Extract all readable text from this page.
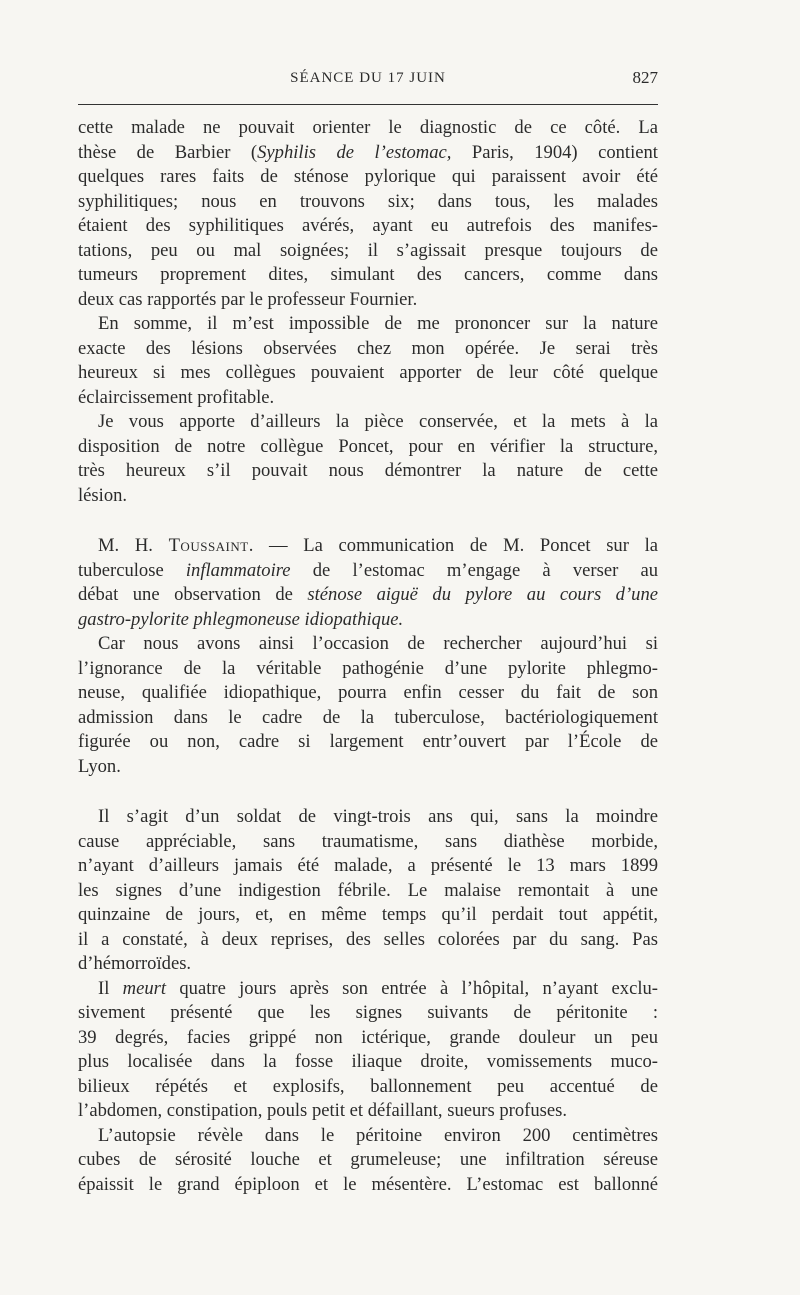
SÉANCE DU 17 JUIN	827
cette malade ne pouvait orienter le diagnostic de ce côté. La
thèse de Barbier (Syphilis de l’estomac, Paris, 1904) contient
quelques rares faits de sténose pylorique qui paraissent avoir été
syphilitiques; nous en trouvons six; dans tous, les malades
étaient des syphilitiques avérés, ayant eu autrefois des manifes-
tations, peu ou mal soignées; il s’agissait presque toujours de
tumeurs proprement dites, simulant des cancers, comme dans
deux cas rapportés par le professeur Fournier.
En somme, il m’est impossible de me prononcer sur la nature
exacte des lésions observées chez mon opérée. Je serai très
heureux si mes collègues pouvaient apporter de leur côté quelque
éclaircissement profitable.
Je vous apporte d’ailleurs la pièce conservée, et la mets à la
disposition de notre collègue Poncet, pour en vérifier la structure,
très heureux s’il pouvait nous démontrer la nature de cette
lésion.
M. H. Toussaint. — La communication de M. Poncet sur la
tuberculose inflammatoire de l’estomac m’engage à verser au
débat une observation de sténose aiguë du pylore au cours d’une
gastro-pylorite phlegmoneuse idiopathique.
Car nous avons ainsi l’occasion de rechercher aujourd’hui si
l’ignorance de la véritable pathogénie d’une pylorite phlegmo-
neuse, qualifiée idiopathique, pourra enfin cesser du fait de son
admission dans le cadre de la tuberculose, bactériologiquement
figurée ou non, cadre si largement entr’ouvert par l’École de
Lyon.
Il s’agit d’un soldat de vingt-trois ans qui, sans la moindre
cause appréciable, sans traumatisme, sans diathèse morbide,
n’ayant d’ailleurs jamais été malade, a présenté le 13 mars 1899
les signes d’une indigestion fébrile. Le malaise remontait à une
quinzaine de jours, et, en même temps qu’il perdait tout appétit,
il a constaté, à deux reprises, des selles colorées par du sang. Pas
d’hémorroïdes.
Il meurt quatre jours après son entrée à l’hôpital, n’ayant exclu-
sivement présenté que les signes suivants de péritonite :
39 degrés, facies grippé non ictérique, grande douleur un peu
plus localisée dans la fosse iliaque droite, vomissements muco-
bilieux répétés et explosifs, ballonnement peu accentué de
l’abdomen, constipation, pouls petit et défaillant, sueurs profuses.
L’autopsie révèle dans le péritoine environ 200 centimètres
cubes de sérosité louche et grumeleuse; une infiltration séreuse
épaissit le grand épiploon et le mésentère. L’estomac est ballonné
